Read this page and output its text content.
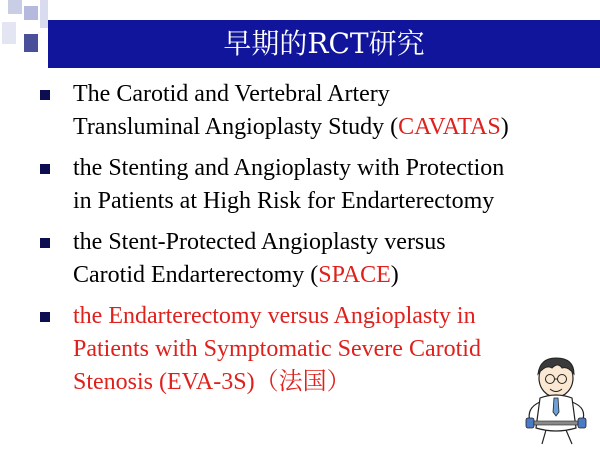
早期的RCT研究
The Carotid and Vertebral Artery
Transluminal Angioplasty Study (CAVATAS)
the Stenting and Angioplasty with Protection
in Patients at High Risk for Endarterectomy
the Stent-Protected Angioplasty versus
Carotid Endarterectomy (SPACE)
the Endarterectomy versus Angioplasty in
Patients with Symptomatic Severe Carotid
Stenosis (EVA-3S)（法国）
